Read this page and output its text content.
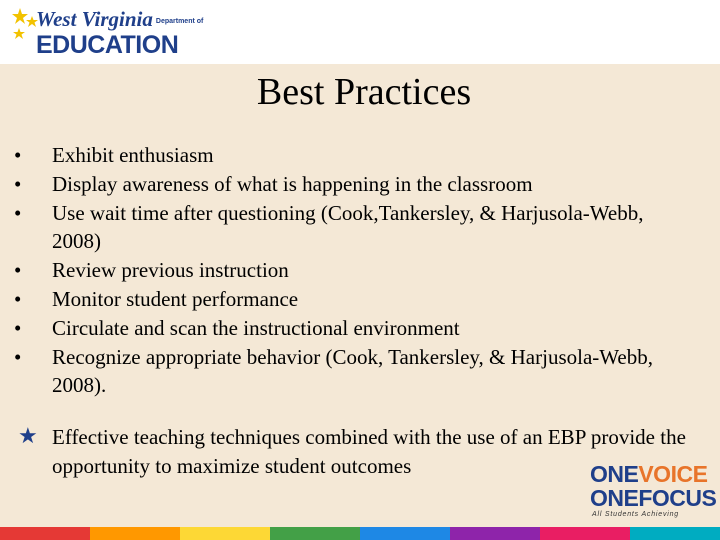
West Virginia Department of
EDUCATION
Best Practices
• Exhibit enthusiasm
• Display awareness of what is happening in the classroom
• Use wait time after questioning (Cook,Tankersley, & Harjusola-Webb, 2008)
• Review previous instruction
• Monitor student performance
• Circulate and scan the instructional environment
• Recognize appropriate behavior (Cook, Tankersley, & Harjusola-Webb, 2008).
★ Effective teaching techniques combined with the use of an EBP provide the opportunity to maximize student outcomes	ONEVOICE
ONEFOCUS
All Students Achieving
